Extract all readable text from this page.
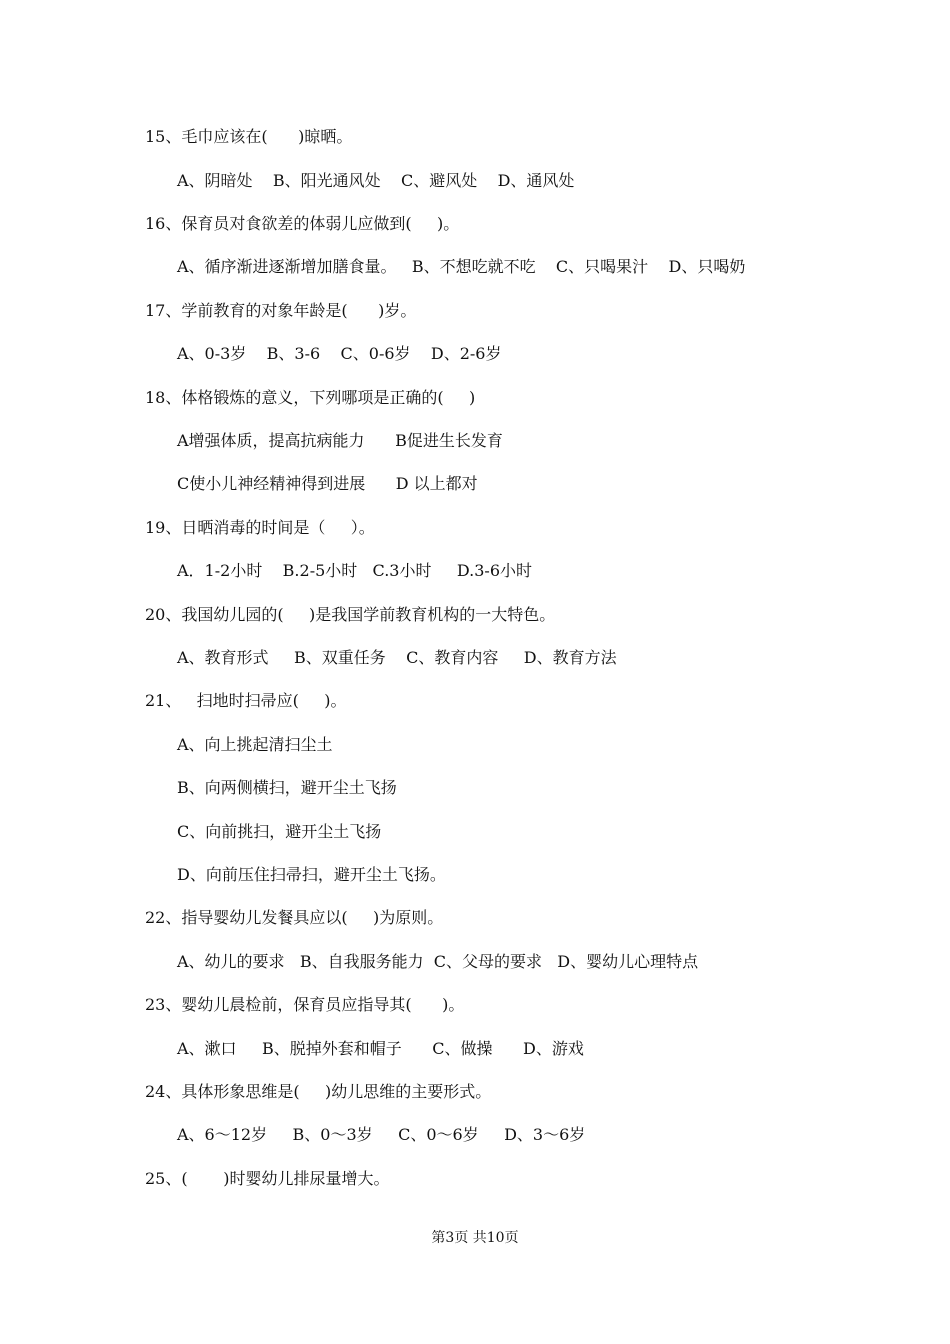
15、毛巾应该在(      )晾晒。
A、阴暗处    B、阳光通风处    C、避风处    D、通风处
16、保育员对食欲差的体弱儿应做到(     )。
A、循序渐进逐渐增加膳食量。   B、不想吃就不吃    C、只喝果汁    D、只喝奶
17、学前教育的对象年龄是(      )岁。
A、0-3岁    B、3-6    C、0-6岁    D、2-6岁
18、体格锻炼的意义，下列哪项是正确的(     )
A增强体质，提高抗病能力      B促进生长发育
C使小儿神经精神得到进展      D 以上都对
19、日晒消毒的时间是（     ）。
A．1-2小时    B.2-5小时   C.3小时     D.3-6小时
20、我国幼儿园的(     )是我国学前教育机构的一大特色。
A、教育形式     B、双重任务    C、教育内容     D、教育方法
21、   扫地时扫帚应(     )。
A、向上挑起清扫尘土
B、向两侧横扫，避开尘土飞扬
C、向前挑扫，避开尘土飞扬
D、向前压住扫帚扫，避开尘土飞扬。
22、指导婴幼儿发餐具应以(     )为原则。
A、幼儿的要求   B、自我服务能力  C、父母的要求   D、婴幼儿心理特点
23、婴幼儿晨检前，保育员应指导其(      )。
A、漱口     B、脱掉外套和帽子      C、做操      D、游戏
24、具体形象思维是(     )幼儿思维的主要形式。
A、6～12岁     B、0～3岁     C、0～6岁     D、3～6岁
25、(       )时婴幼儿排尿量增大。
第3页 共10页
